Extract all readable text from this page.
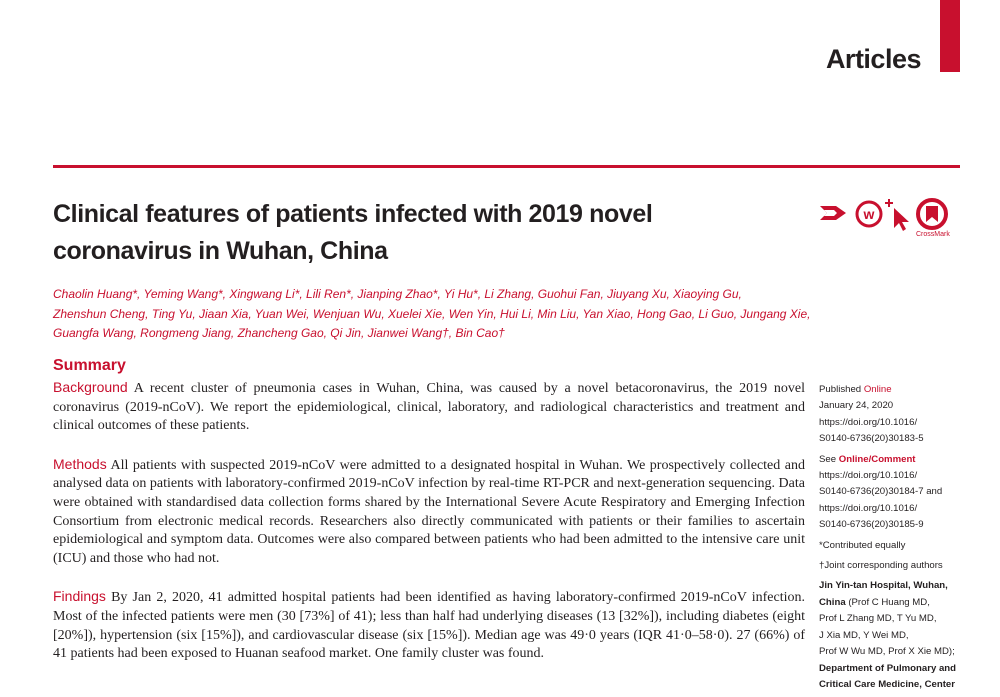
Articles
Clinical features of patients infected with 2019 novel coronavirus in Wuhan, China
w
CrossMark
Chaolin Huang*, Yeming Wang*, Xingwang Li*, Lili Ren*, Jianping Zhao*, Yi Hu*, Li Zhang, Guohui Fan, Jiuyang Xu, Xiaoying Gu,
Zhenshun Cheng, Ting Yu, Jiaan Xia, Yuan Wei, Wenjuan Wu, Xuelei Xie, Wen Yin, Hui Li, Min Liu, Yan Xiao, Hong Gao, Li Guo, Jungang Xie,
Guangfa Wang, Rongmeng Jiang, Zhancheng Gao, Qi Jin, Jianwei Wang†, Bin Cao†
Summary

Background A recent cluster of pneumonia cases in Wuhan, China, was caused by a novel betacoronavirus, the 2019 novel coronavirus (2019-nCoV). We report the epidemiological, clinical, laboratory, and radiological characteristics and treatment and clinical outcomes of these patients.

Methods All patients with suspected 2019-nCoV were admitted to a designated hospital in Wuhan. We prospectively collected and analysed data on patients with laboratory-confirmed 2019-nCoV infection by real-time RT-PCR and next-generation sequencing. Data were obtained with standardised data collection forms shared by the International Severe Acute Respiratory and Emerging Infection Consortium from electronic medical records. Researchers also directly communicated with patients or their families to ascertain epidemiological and symptom data. Outcomes were also compared between patients who had been admitted to the intensive care unit (ICU) and those who had not.

Findings By Jan 2, 2020, 41 admitted hospital patients had been identified as having laboratory-confirmed 2019-nCoV infection. Most of the infected patients were men (30 [73%] of 41); less than half had underlying diseases (13 [32%]), including diabetes (eight [20%]), hypertension (six [15%]), and cardiovascular disease (six [15%]). Median age was 49·0 years (IQR 41·0–58·0). 27 (66%) of 41 patients had been exposed to Huanan seafood market. One family cluster was found.

Published Online
January 24, 2020
https://doi.org/10.1016/
S0140-6736(20)30183-5

See Online/Comment
https://doi.org/10.1016/
S0140-6736(20)30184-7 and
https://doi.org/10.1016/
S0140-6736(20)30185-9

*Contributed equally

†Joint corresponding authors

Jin Yin-tan Hospital, Wuhan,
China (Prof C Huang MD,
Prof L Zhang MD, T Yu MD,
J Xia MD, Y Wei MD,
Prof W Wu MD, Prof X Xie MD);
Department of Pulmonary and
Critical Care Medicine, Center
